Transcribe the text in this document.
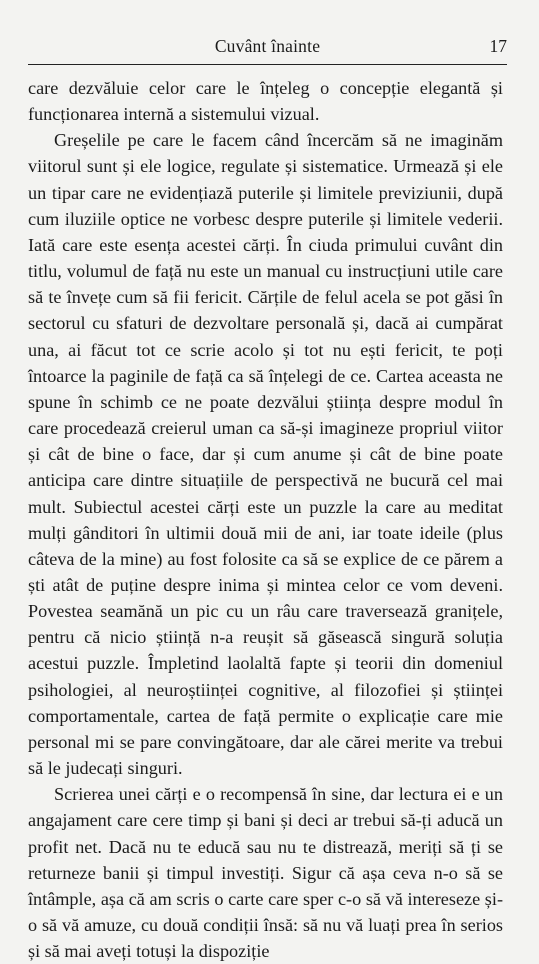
Cuvânt înainte	17

care dezvăluie celor care le înțeleg o concepție elegantă și funcționarea internă a sistemului vizual.

Greșelile pe care le facem când încercăm să ne imaginăm viitorul sunt și ele logice, regulate și sistematice. Urmează și ele un tipar care ne evidențiază puterile și limitele previziunii, după cum iluziile optice ne vorbesc despre puterile și limitele vederii. Iată care este esența acestei cărți. În ciuda primului cuvânt din titlu, volumul de față nu este un manual cu instrucțiuni utile care să te învețe cum să fii fericit. Cărțile de felul acela se pot găsi în sectorul cu sfaturi de dezvoltare personală și, dacă ai cumpărat una, ai făcut tot ce scrie acolo și tot nu ești fericit, te poți întoarce la paginile de față ca să înțelegi de ce. Cartea aceasta ne spune în schimb ce ne poate dezvălui știința despre modul în care procedează creierul uman ca să-și imagineze propriul viitor și cât de bine o face, dar și cum anume și cât de bine poate anticipa care dintre situațiile de perspectivă ne bucură cel mai mult. Subiectul acestei cărți este un puzzle la care au meditat mulți gânditori în ultimii două mii de ani, iar toate ideile (plus câteva de la mine) au fost folosite ca să se explice de ce părem a ști atât de puține despre inima și mintea celor ce vom deveni. Povestea seamănă un pic cu un râu care traversează granițele, pentru că nicio știință n-a reușit să găsească singură soluția acestui puzzle. Împletind laolaltă fapte și teorii din domeniul psihologiei, al neuroștiinței cognitive, al filozofiei și științei comportamentale, cartea de față permite o explicație care mie personal mi se pare convingătoare, dar ale cărei merite va trebui să le judecați singuri.

Scrierea unei cărți e o recompensă în sine, dar lectura ei e un angajament care cere timp și bani și deci ar trebui să-ți aducă un profit net. Dacă nu te educă sau nu te distrează, meriți să ți se returneze banii și timpul investiți. Sigur că așa ceva n-o să se întâmple, așa că am scris o carte care sper c-o să vă intereseze și-o să vă amuze, cu două condiții însă: să nu vă luați prea în serios și să mai aveți totuși la dispoziție
